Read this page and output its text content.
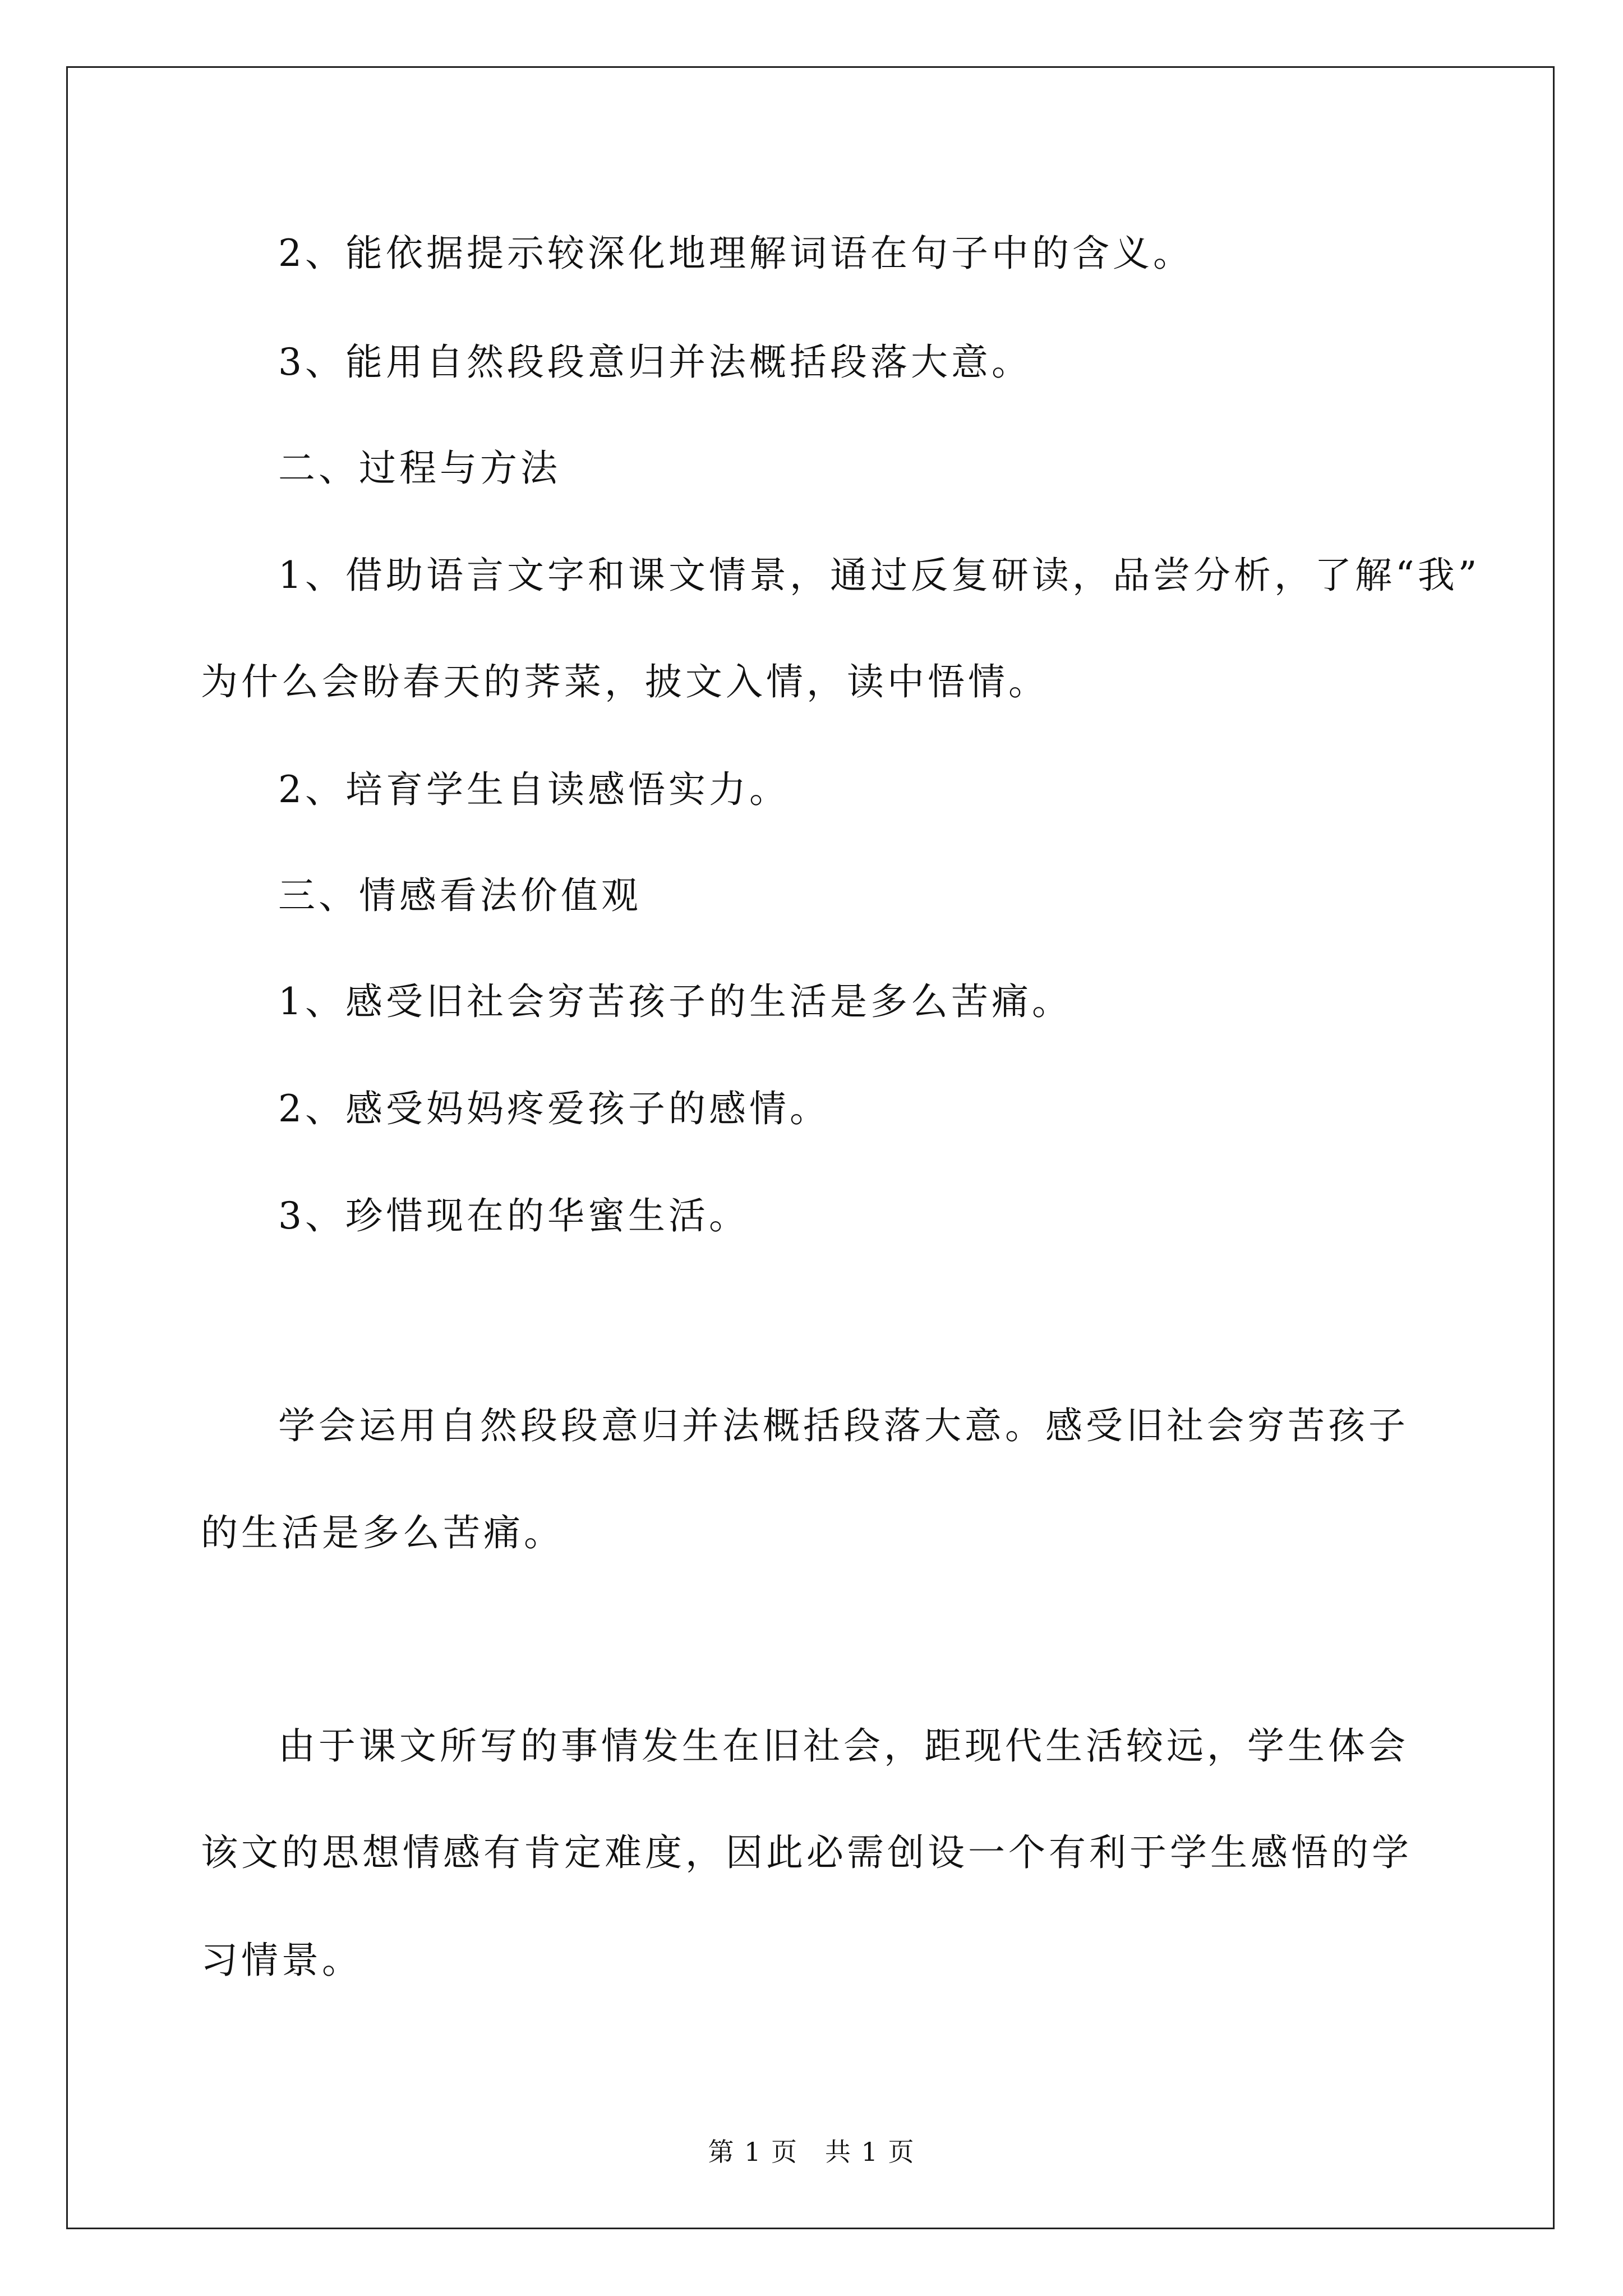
2、能依据提示较深化地理解词语在句子中的含义。
3、能用自然段段意归并法概括段落大意。
二、过程与方法
1、借助语言文字和课文情景，通过反复研读，品尝分析，了解“我”
为什么会盼春天的荠菜，披文入情，读中悟情。
2、培育学生自读感悟实力。
三、情感看法价值观
1、感受旧社会穷苦孩子的生活是多么苦痛。
2、感受妈妈疼爱孩子的感情。
3、珍惜现在的华蜜生活。
学会运用自然段段意归并法概括段落大意。感受旧社会穷苦孩子
的生活是多么苦痛。
由于课文所写的事情发生在旧社会，距现代生活较远，学生体会
该文的思想情感有肯定难度，因此必需创设一个有利于学生感悟的学
习情景。
第 1 页　共 1 页
